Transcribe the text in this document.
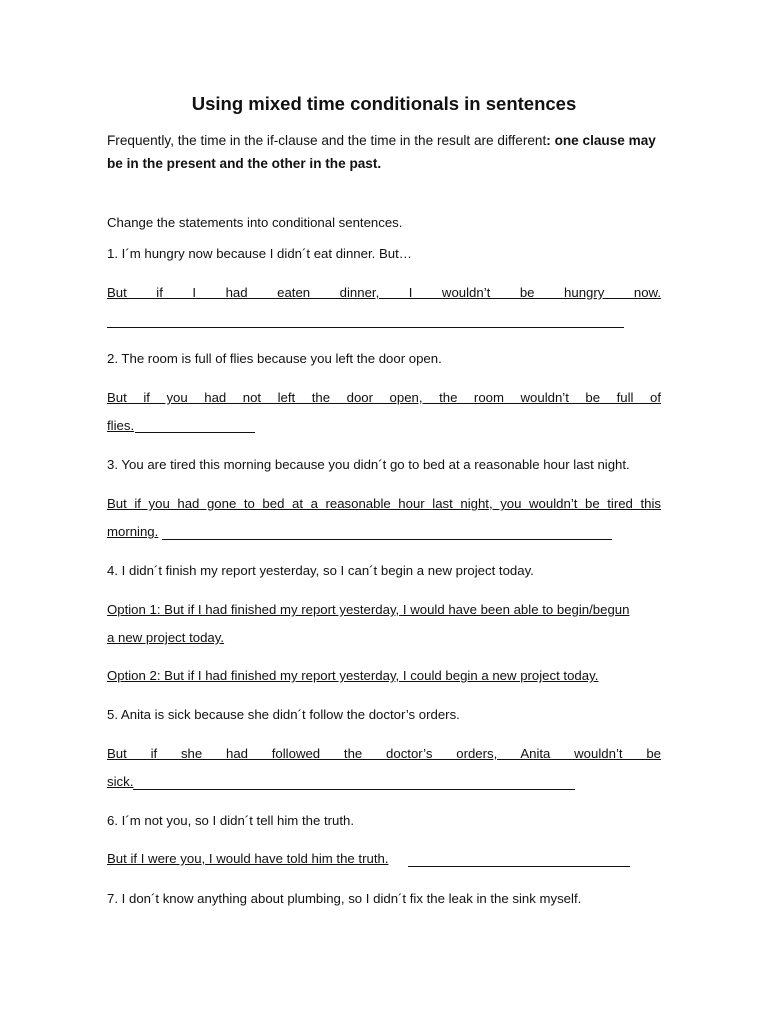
Using mixed time conditionals in sentences

Frequently, the time in the if-clause and the time in the result are different: one clause may be in the present and the other in the past.

Change the statements into conditional sentences.

1. I´m hungry now because I didn´t eat dinner. But…

But if I had eaten dinner, I wouldn’t be hungry now.

2. The room is full of flies because you left the door open.

But if you had not left the door open, the room wouldn’t be full of

flies.

3. You are tired this morning because you didn´t go to bed at a reasonable hour last night.

But if you had gone to bed at a reasonable hour last night, you wouldn’t be tired this

morning.

4. I didn´t finish my report yesterday, so I can´t begin a new project today.

Option 1: But if I had finished my report yesterday, I would have been able to begin/begun

a new project today.

Option 2: But if I had finished my report yesterday, I could begin a new project today.

5. Anita is sick because she didn´t follow the doctor’s orders.

But if she had followed the doctor’s orders, Anita wouldn’t be

sick.

6. I´m not you, so I didn´t tell him the truth.

But if I were you, I would have told him the truth.

7. I don´t know anything about plumbing, so I didn´t fix the leak in the sink myself.
